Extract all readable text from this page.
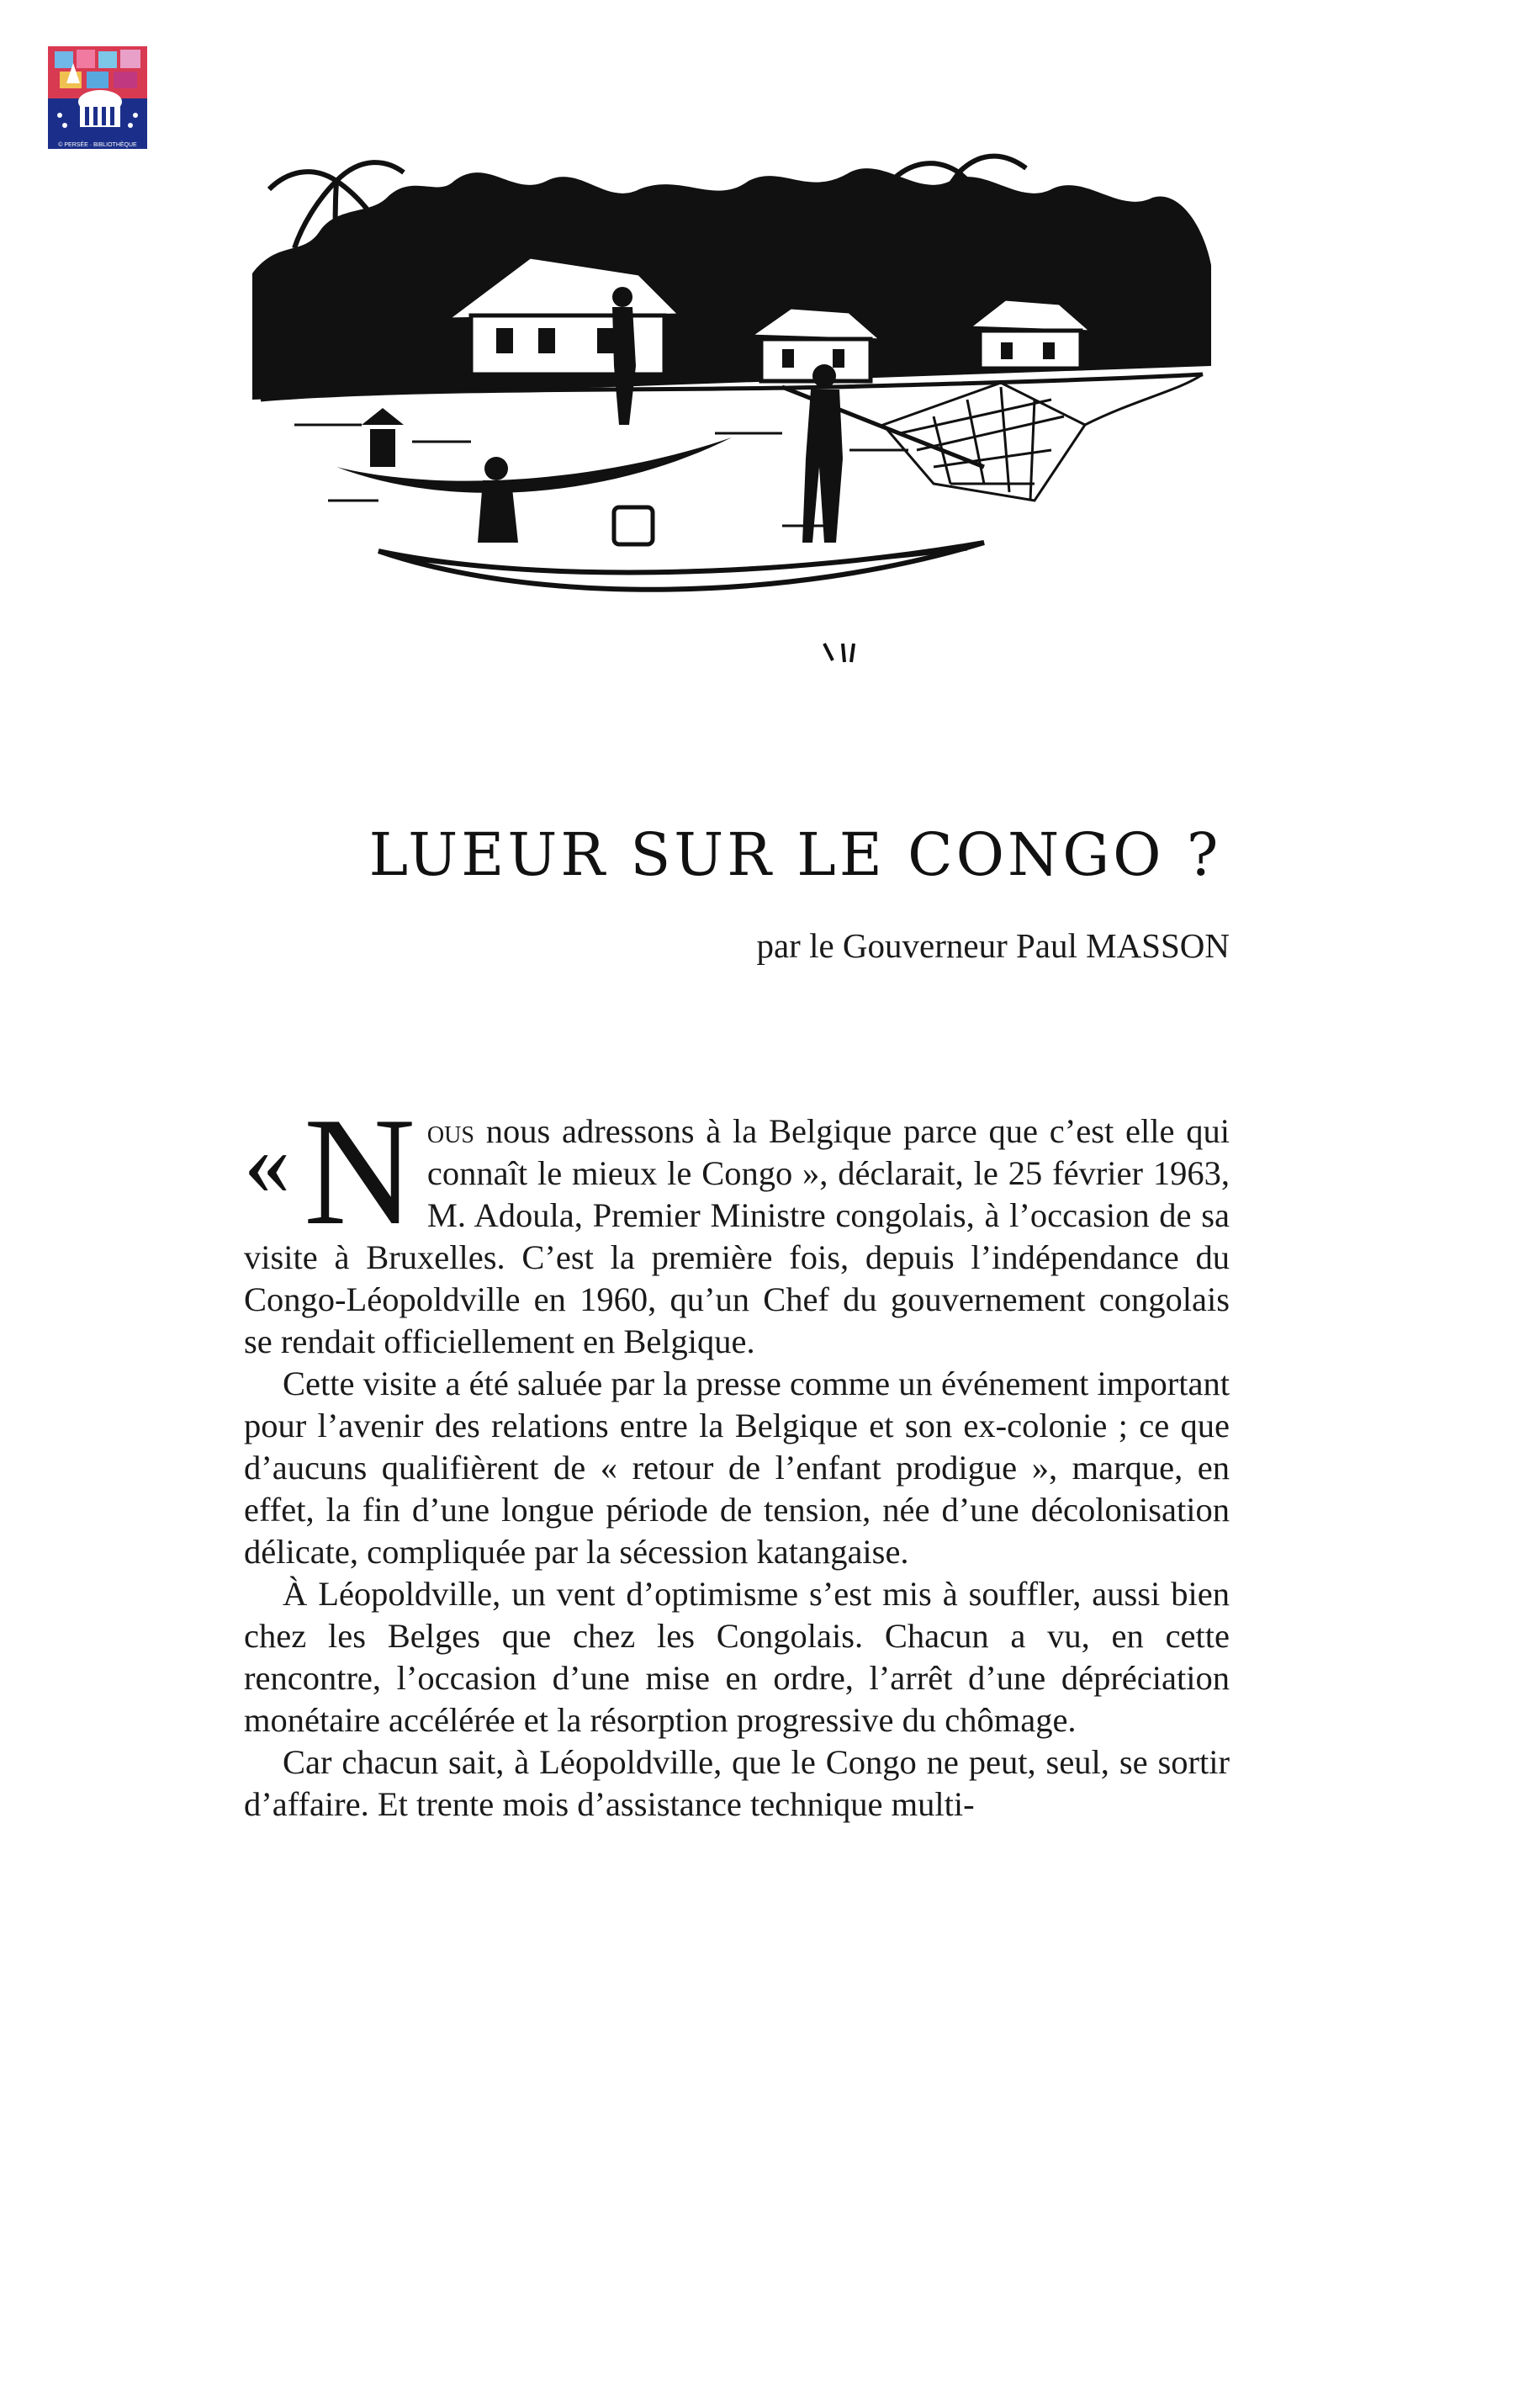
© PERSÉE · BIBLIOTHÈQUE
LUEUR SUR LE CONGO ?

par le Gouverneur Paul MASSON

« N ous nous adressons à la Belgique parce que c’est elle qui connaît le mieux le Congo », déclarait, le 25 février 1963, M. Adoula, Premier Ministre congolais, à l’occasion de sa visite à Bruxelles. C’est la première fois, depuis l’indépendance du Congo-Léopoldville en 1960, qu’un Chef du gouvernement congolais se rendait officiellement en Belgique.

Cette visite a été saluée par la presse comme un événement important pour l’avenir des relations entre la Belgique et son ex-colonie ; ce que d’aucuns qualifièrent de « retour de l’enfant prodigue », marque, en effet, la fin d’une longue période de tension, née d’une décolonisation délicate, compliquée par la sécession katangaise.

À Léopoldville, un vent d’optimisme s’est mis à souffler, aussi bien chez les Belges que chez les Congolais. Chacun a vu, en cette rencontre, l’occasion d’une mise en ordre, l’arrêt d’une dépréciation monétaire accélérée et la résorption progressive du chômage.

Car chacun sait, à Léopoldville, que le Congo ne peut, seul, se sortir d’affaire. Et trente mois d’assistance technique multi-
